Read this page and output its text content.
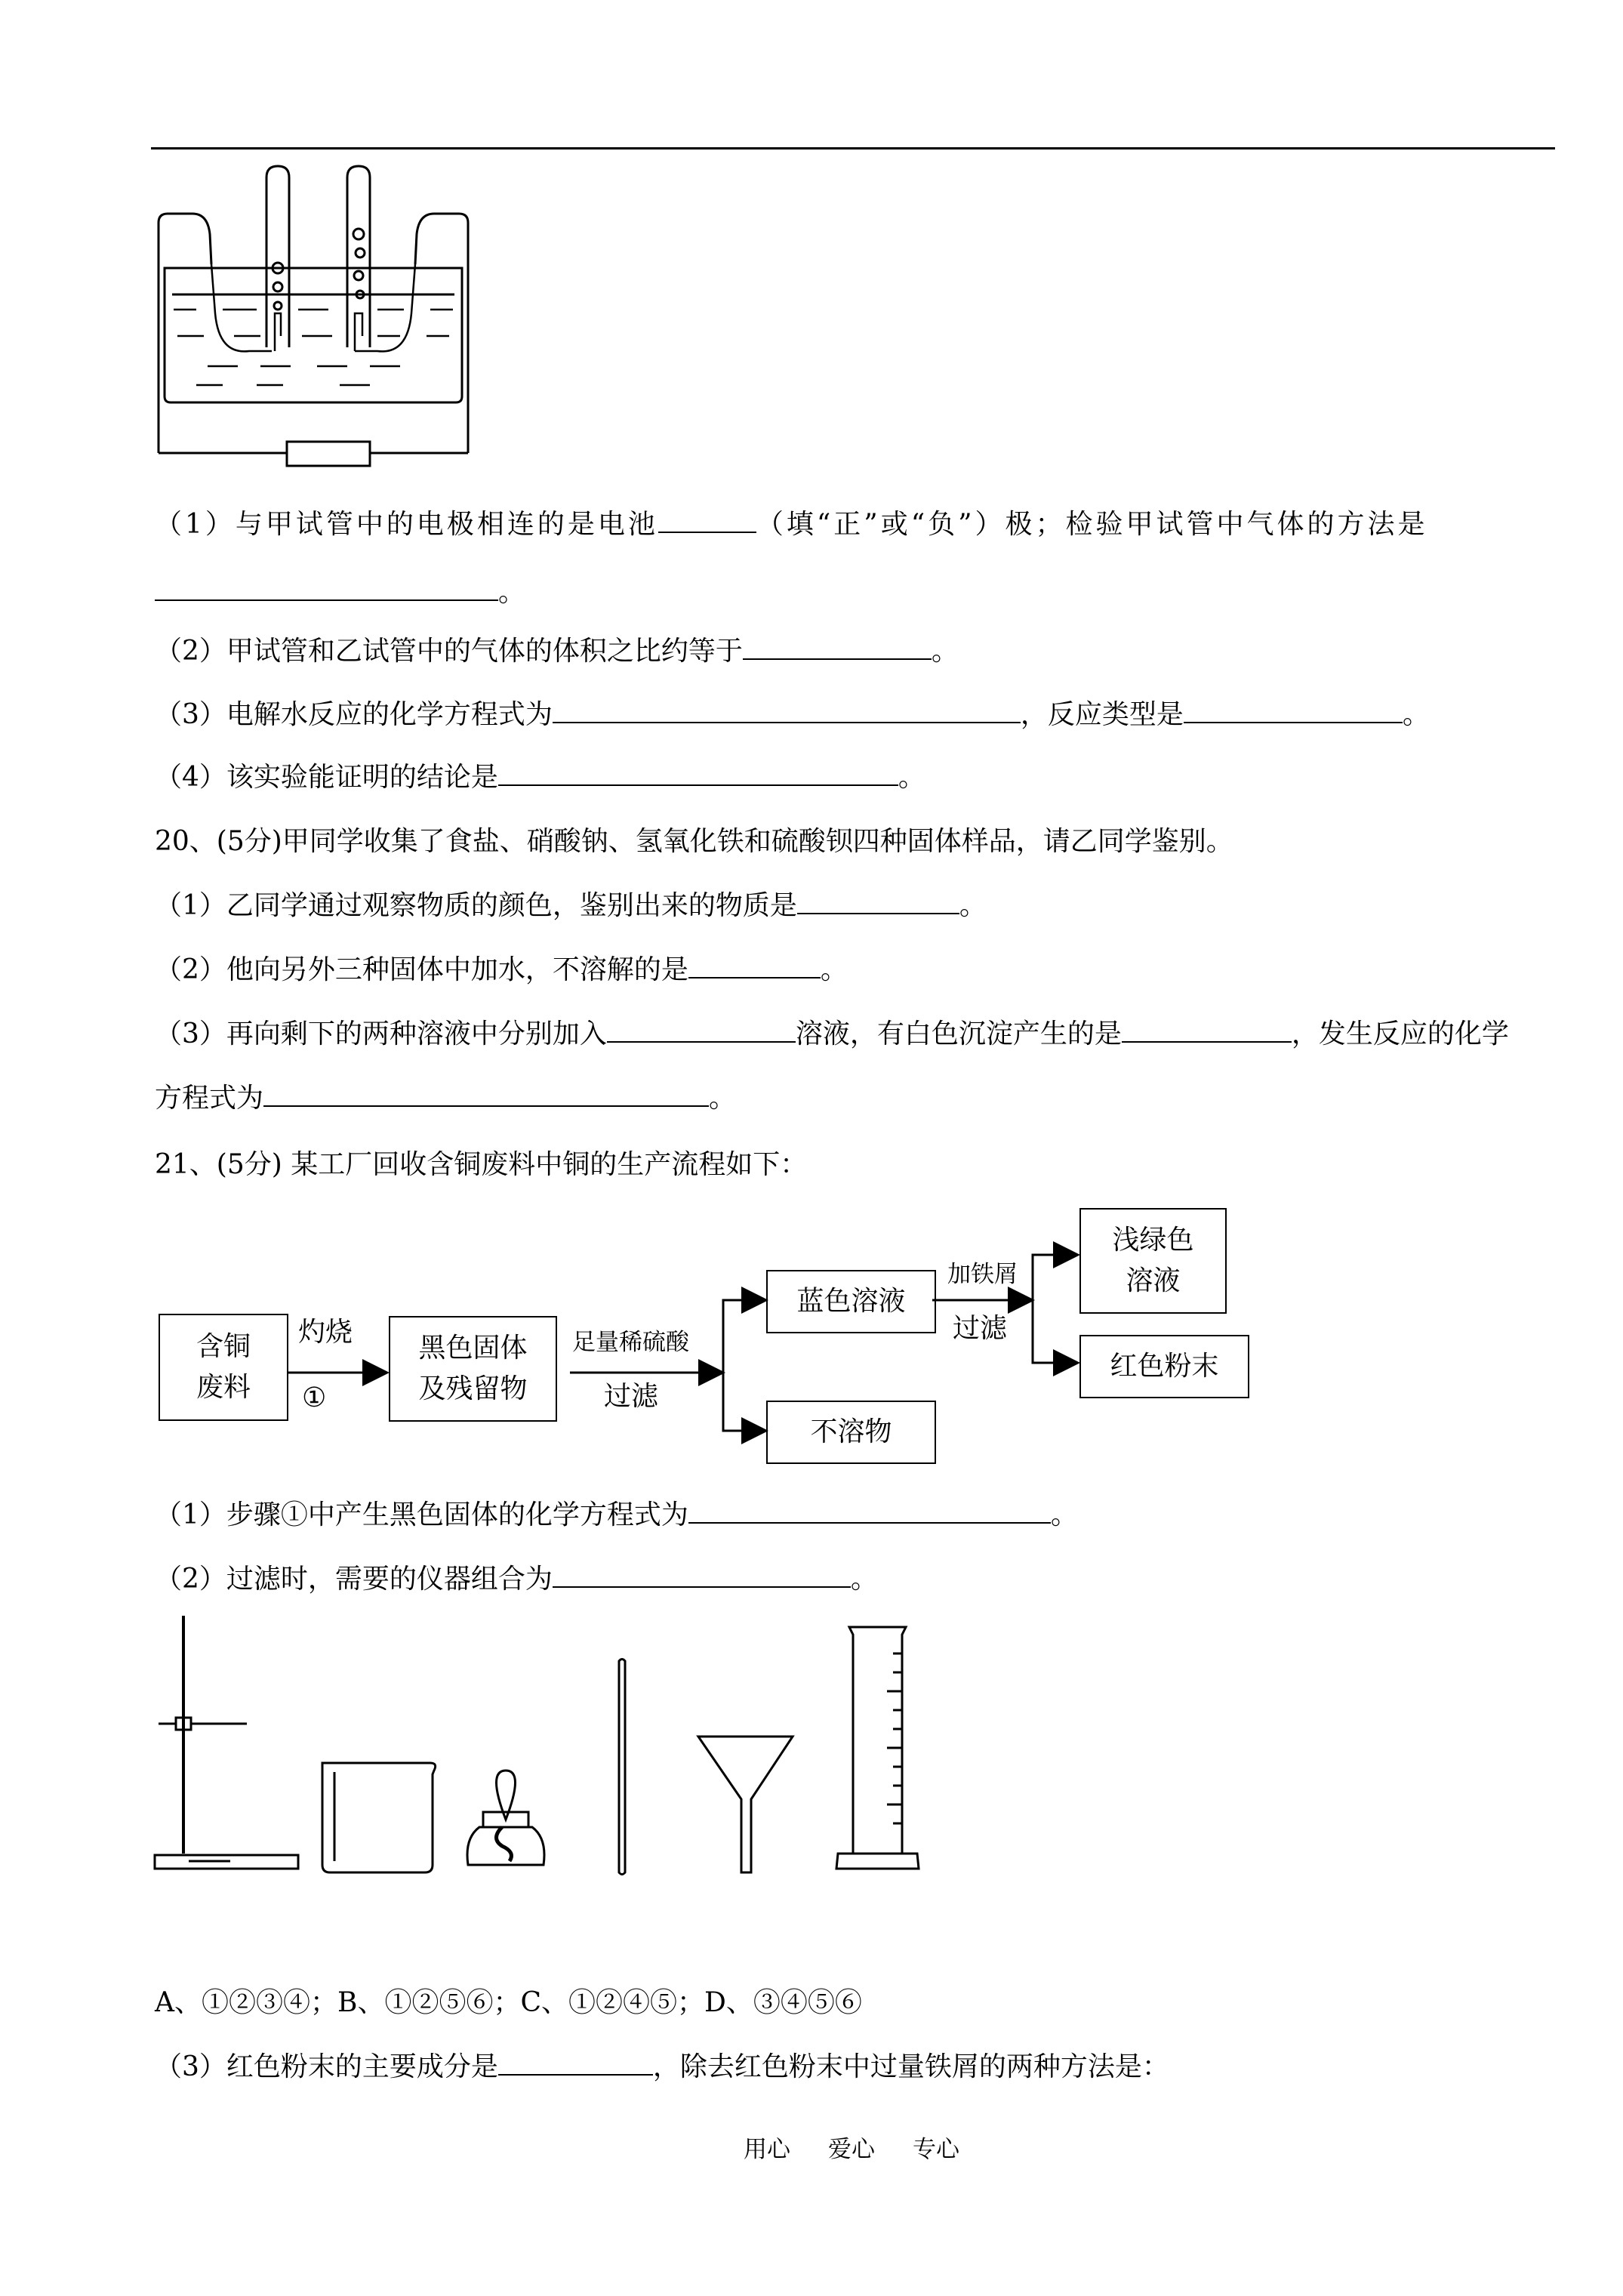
（1）与甲试管中的电极相连的是电池	（填“正”或“负”）极；检验甲试管中气体的方法是
。
（2）甲试管和乙试管中的气体的体积之比约等于	。
（3）电解水反应的化学方程式为	，反应类型是	。
（4）该实验能证明的结论是	。
20、(5分)甲同学收集了食盐、硝酸钠、氢氧化铁和硫酸钡四种固体样品，请乙同学鉴别。
（1）乙同学通过观察物质的颜色，鉴别出来的物质是	。
（2）他向另外三种固体中加水，不溶解的是	。
（3）再向剩下的两种溶液中分别加入	溶液，有白色沉淀产生的是	，发生反应的化学
方程式为	。
21、(5分) 某工厂回收含铜废料中铜的生产流程如下：
含铜
废料
灼烧
①
黑色固体
及残留物
足量稀硫酸
过滤
蓝色溶液
不溶物
加铁屑
过滤
浅绿色
溶液
红色粉末
（1）步骤①中产生黑色固体的化学方程式为	。
（2）过滤时，需要的仪器组合为	。
A、①②③④；B、①②⑤⑥；C、①②④⑤；D、③④⑤⑥
（3）红色粉末的主要成分是	，除去红色粉末中过量铁屑的两种方法是：
用心 爱心 专心
